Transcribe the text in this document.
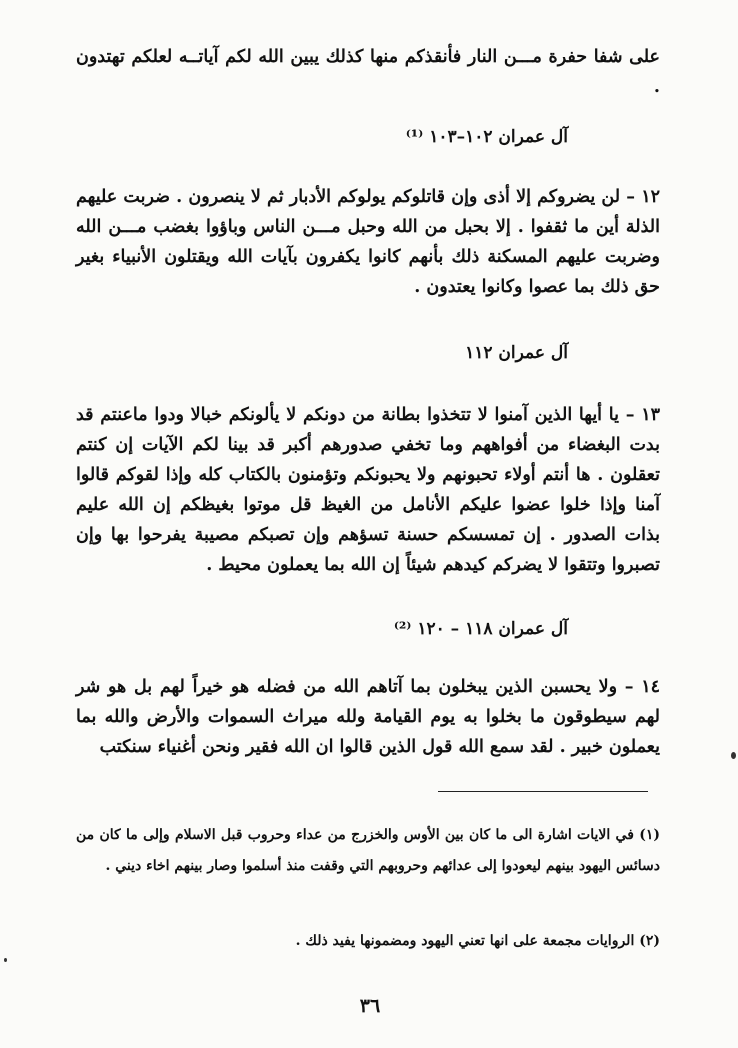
على شفا حفرة مـــن النار فأنقذكم منها كذلك يبين الله لكم آياتــه لعلكم تهتدون .

آل عمران ١٠٢–١٠٣ ⁽¹⁾

١٢ – لن يضروكم إلا أذى وإن قاتلوكم يولوكم الأدبار ثم لا ينصرون . ضربت عليهم الذلة أين ما ثقفوا . إلا بحبل من الله وحبل مـــن الناس وباؤوا بغضب مـــن الله وضربت عليهم المسكنة ذلك بأنهم كانوا يكفرون بآيات الله ويقتلون الأنبياء بغير حق ذلك بما عصوا وكانوا يعتدون .

آل عمران ١١٢

١٣ – يا أيها الذين آمنوا لا تتخذوا بطانة من دونكم لا يألونكم خبالا ودوا ماعنتم قد بدت البغضاء من أفواههم وما تخفي صدورهم أكبر قد بينا لكم الآيات إن كنتم تعقلون . ها أنتم أولاء تحبونهم ولا يحبونكم وتؤمنون بالكتاب كله وإذا لقوكم قالوا آمنا وإذا خلوا عضوا عليكم الأنامل من الغيظ قل موتوا بغيظكم إن الله عليم بذات الصدور . إن تمسسكم حسنة تسؤهم وإن تصبكم مصيبة يفرحوا بها وإن تصبروا وتتقوا لا يضركم كيدهم شيئاً إن الله بما يعملون محيط .

آل عمران ١١٨ – ١٢٠ ⁽²⁾

١٤ – ولا يحسبن الذين يبخلون بما آتاهم الله من فضله هو خيراً لهم بل هو شر لهم سيطوقون ما بخلوا به يوم القيامة ولله ميراث السموات والأرض والله بما يعملون خبير . لقد سمع الله قول الذين قالوا ان الله فقير ونحن أغنياء سنكتب

(١) في الايات اشارة الى ما كان بين الأوس والخزرج من عداء وحروب قبل الاسلام وإلى ما كان من دسائس اليهود بينهم ليعودوا إلى عدائهم وحروبهم التي وقفت منذ أسلموا وصار بينهم اخاء ديني .

(٢) الروايات مجمعة على انها تعني اليهود ومضمونها يفيد ذلك .

٣٦
